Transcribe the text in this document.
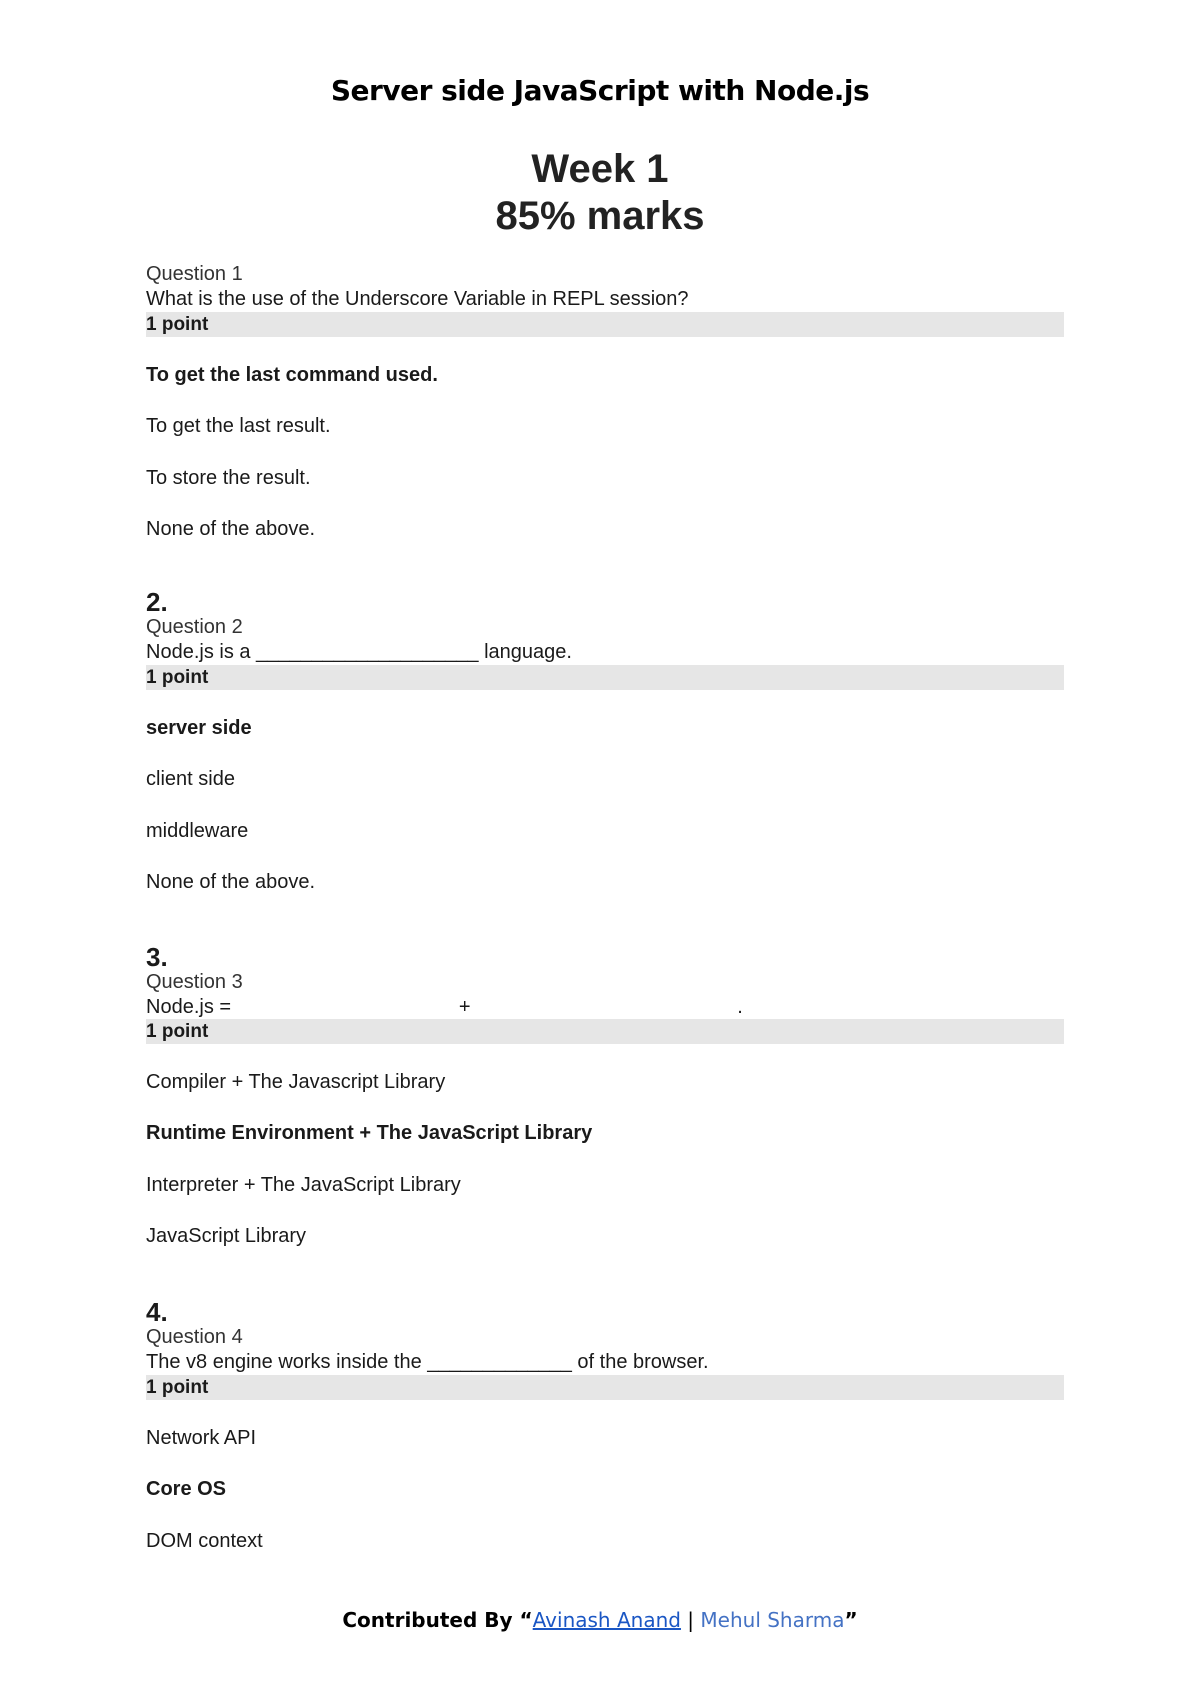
Server side JavaScript with Node.js
Week 1
85% marks
Question 1
What is the use of the Underscore Variable in REPL session?
1 point
To get the last command used.
To get the last result.
To store the result.
None of the above.
2.
Question 2
Node.js is a ____________________ language.
1 point
server side
client side
middleware
None of the above.
3.
Question 3
Node.js =                                         +                                                .
1 point
Compiler + The Javascript Library
Runtime Environment + The JavaScript Library
Interpreter + The JavaScript Library
JavaScript Library
4.
Question 4
The v8 engine works inside the _____________ of the browser.
1 point
Network API
Core OS
DOM context
Contributed By “Avinash Anand | Mehul Sharma”
